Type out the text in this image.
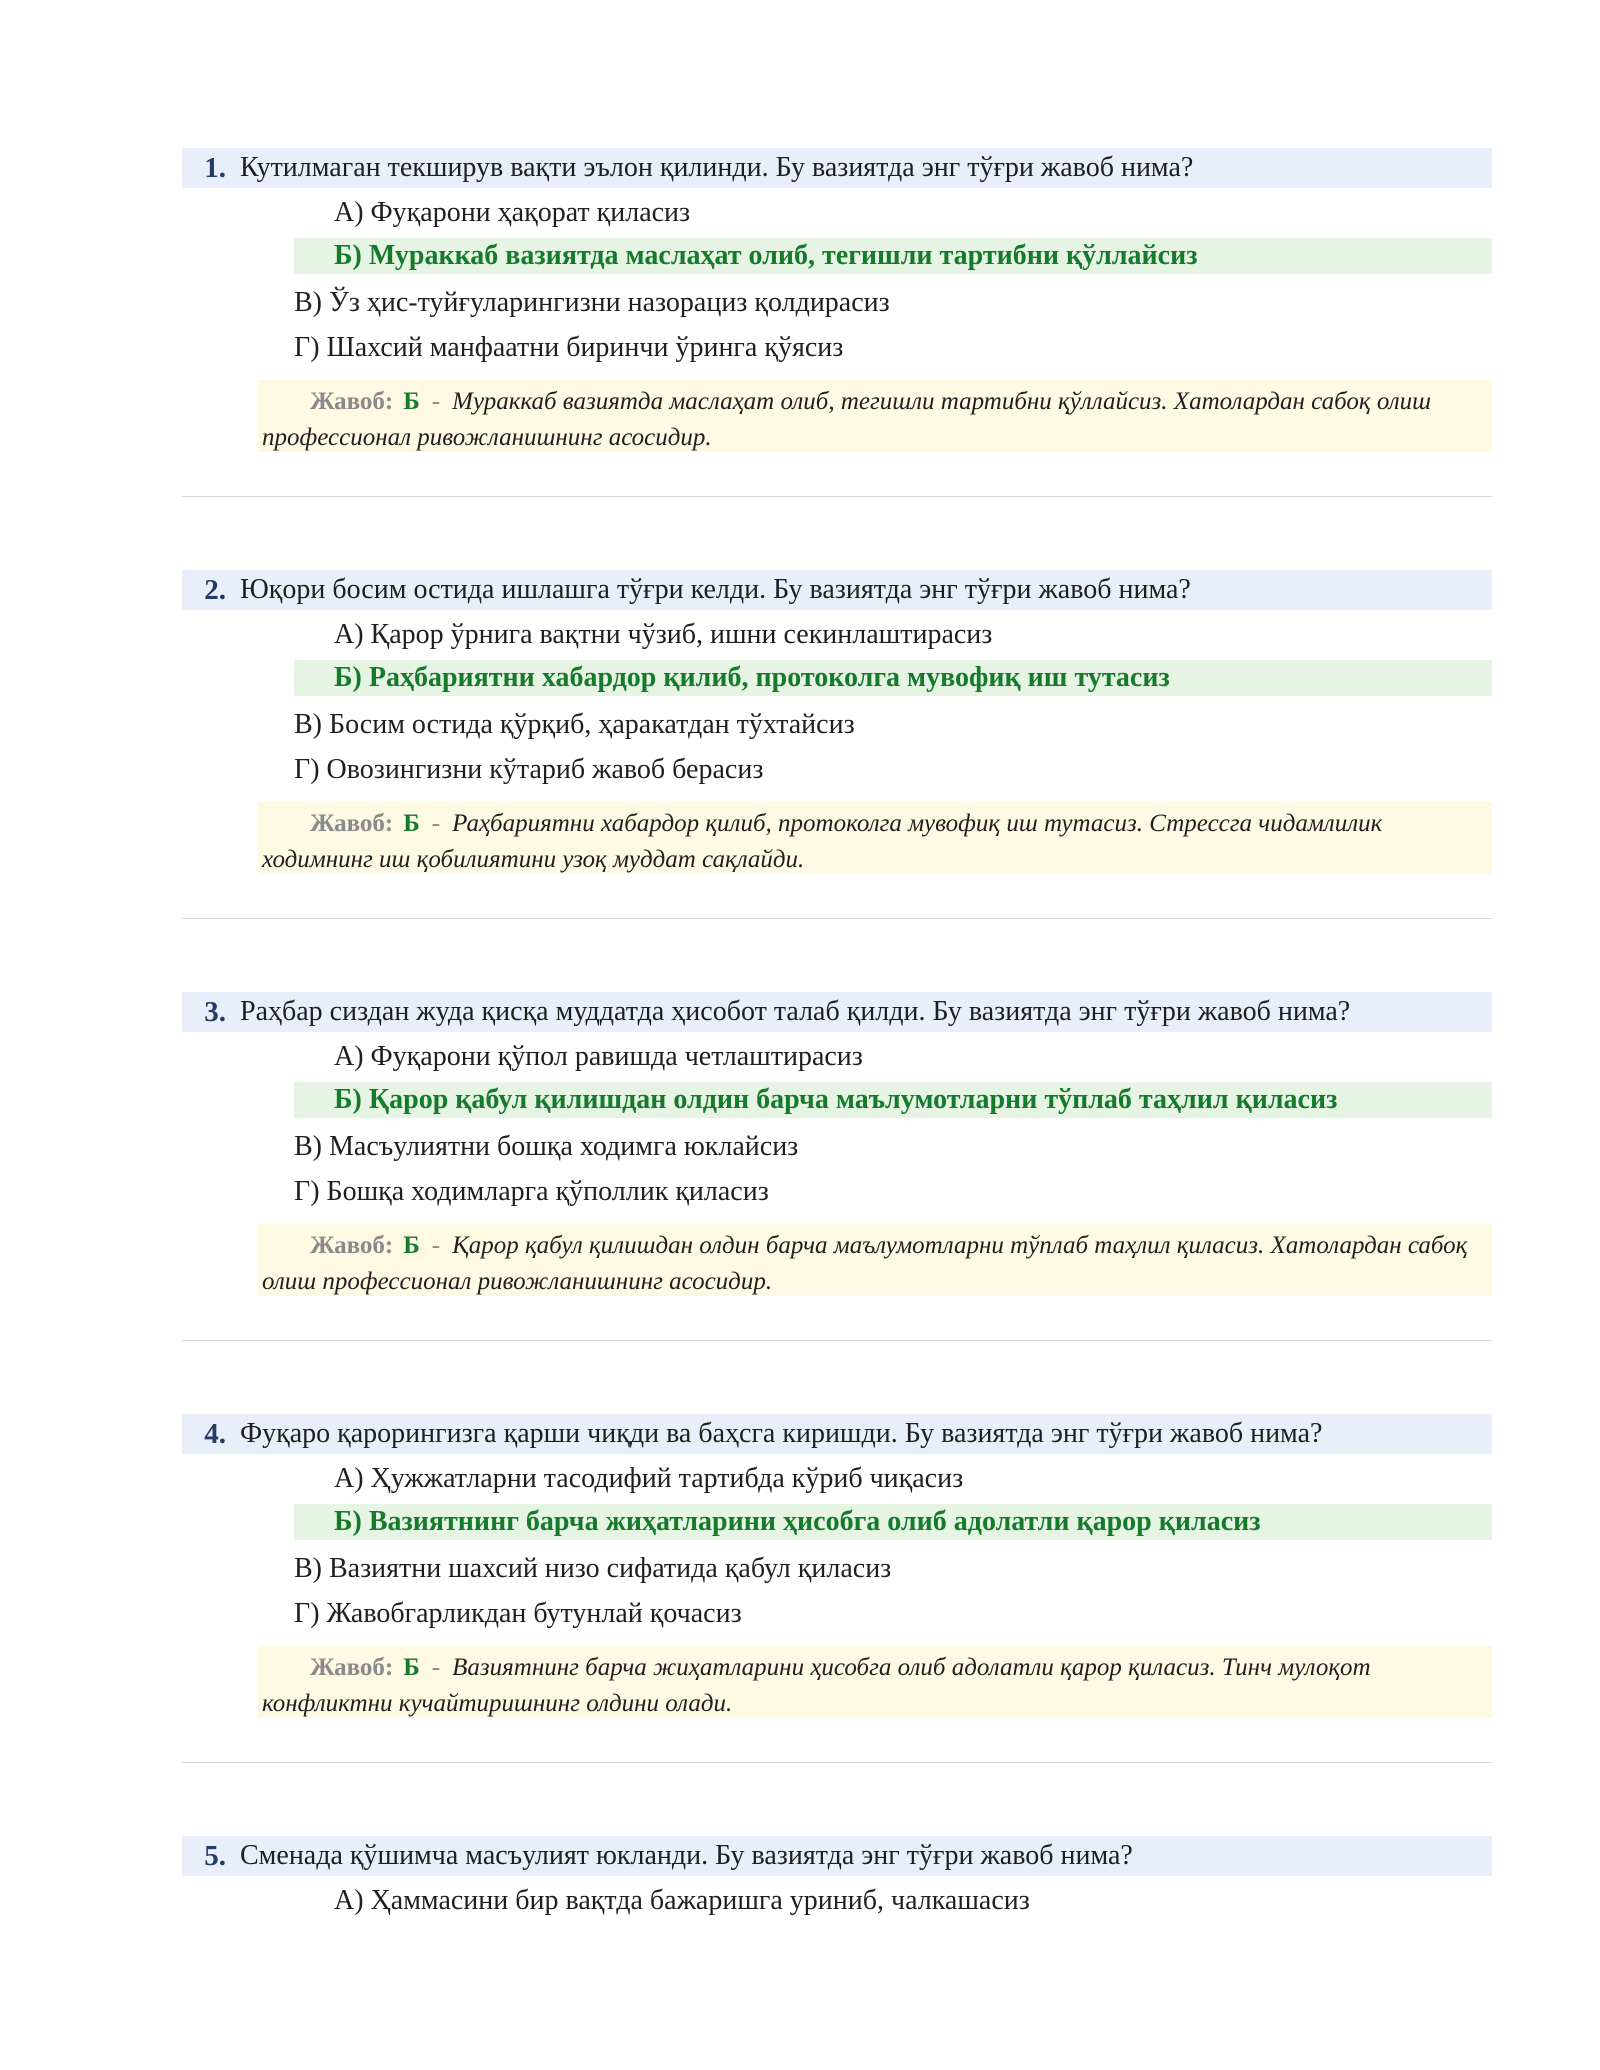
1. Кутилмаган текширув вақти эълон қилинди. Бу вазиятда энг тўғри жавоб нима?
А) Фуқарони ҳақорат қиласиз
Б) Мураккаб вазиятда маслаҳат олиб, тегишли тартибни қўллайсиз
В) Ўз ҳис-туйғуларингизни назорациз қолдирасиз
Г) Шахсий манфаатни биринчи ўринга қўясиз
Жавоб: Б - Мураккаб вазиятда маслаҳат олиб, тегишли тартибни қўллайсиз. Хатолардан сабоқ олиш профессионал ривожланишнинг асосидир.
2. Юқори босим остида ишлашга тўғри келди. Бу вазиятда энг тўғри жавоб нима?
А) Қарор ўрнига вақтни чўзиб, ишни секинлаштирасиз
Б) Раҳбариятни хабардор қилиб, протоколга мувофиқ иш тутасиз
В) Босим остида қўрқиб, ҳаракатдан тўхтайсиз
Г) Овозингизни кўтариб жавоб берасиз
Жавоб: Б - Раҳбариятни хабардор қилиб, протоколга мувофиқ иш тутасиз. Стрессга чидамлилик ходимнинг иш қобилиятини узоқ муддат сақлайди.
3. Раҳбар сиздан жуда қисқа муддатда ҳисобот талаб қилди. Бу вазиятда энг тўғри жавоб нима?
А) Фуқарони қўпол равишда четлаштирасиз
Б) Қарор қабул қилишдан олдин барча маълумотларни тўплаб таҳлил қиласиз
В) Масъулиятни бошқа ходимга юклайсиз
Г) Бошқа ходимларга қўполлик қиласиз
Жавоб: Б - Қарор қабул қилишдан олдин барча маълумотларни тўплаб таҳлил қиласиз. Хатолардан сабоқ олиш профессионал ривожланишнинг асосидир.
4. Фуқаро қарорингизга қарши чиқди ва баҳсга киришди. Бу вазиятда энг тўғри жавоб нима?
А) Ҳужжатларни тасодифий тартибда кўриб чиқасиз
Б) Вазиятнинг барча жиҳатларини ҳисобга олиб адолатли қарор қиласиз
В) Вазиятни шахсий низо сифатида қабул қиласиз
Г) Жавобгарликдан бутунлай қочасиз
Жавоб: Б - Вазиятнинг барча жиҳатларини ҳисобга олиб адолатли қарор қиласиз. Тинч мулоқот конфликтни кучайтиришнинг олдини олади.
5. Сменада қўшимча масъулият юкланди. Бу вазиятда энг тўғри жавоб нима?
А) Ҳаммасини бир вақтда бажаришга уриниб, чалкашасиз
